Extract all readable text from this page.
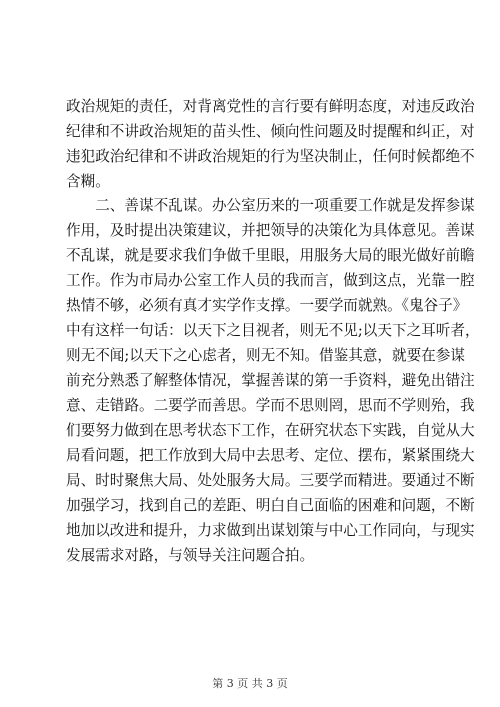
政治规矩的责任，对背离党性的言行要有鲜明态度，对违反政治
纪律和不讲政治规矩的苗头性、倾向性问题及时提醒和纠正，对
违犯政治纪律和不讲政治规矩的行为坚决制止，任何时候都绝不
含糊。
　　二、善谋不乱谋。办公室历来的一项重要工作就是发挥参谋
作用，及时提出决策建议，并把领导的决策化为具体意见。善谋
不乱谋，就是要求我们争做千里眼，用服务大局的眼光做好前瞻
工作。作为市局办公室工作人员的我而言，做到这点，光靠一腔
热情不够，必须有真才实学作支撑。一要学而就熟。《鬼谷子》
中有这样一句话：以天下之目视者，则无不见;以天下之耳听者，
则无不闻;以天下之心虑者，则无不知。借鉴其意，就要在参谋
前充分熟悉了解整体情况，掌握善谋的第一手资料，避免出错注
意、走错路。二要学而善思。学而不思则罔，思而不学则殆，我
们要努力做到在思考状态下工作，在研究状态下实践，自觉从大
局看问题，把工作放到大局中去思考、定位、摆布，紧紧围绕大
局、时时聚焦大局、处处服务大局。三要学而精进。要通过不断
加强学习，找到自己的差距、明白自己面临的困难和问题，不断
地加以改进和提升，力求做到出谋划策与中心工作同向，与现实
发展需求对路，与领导关注问题合拍。
第 3 页 共 3 页
